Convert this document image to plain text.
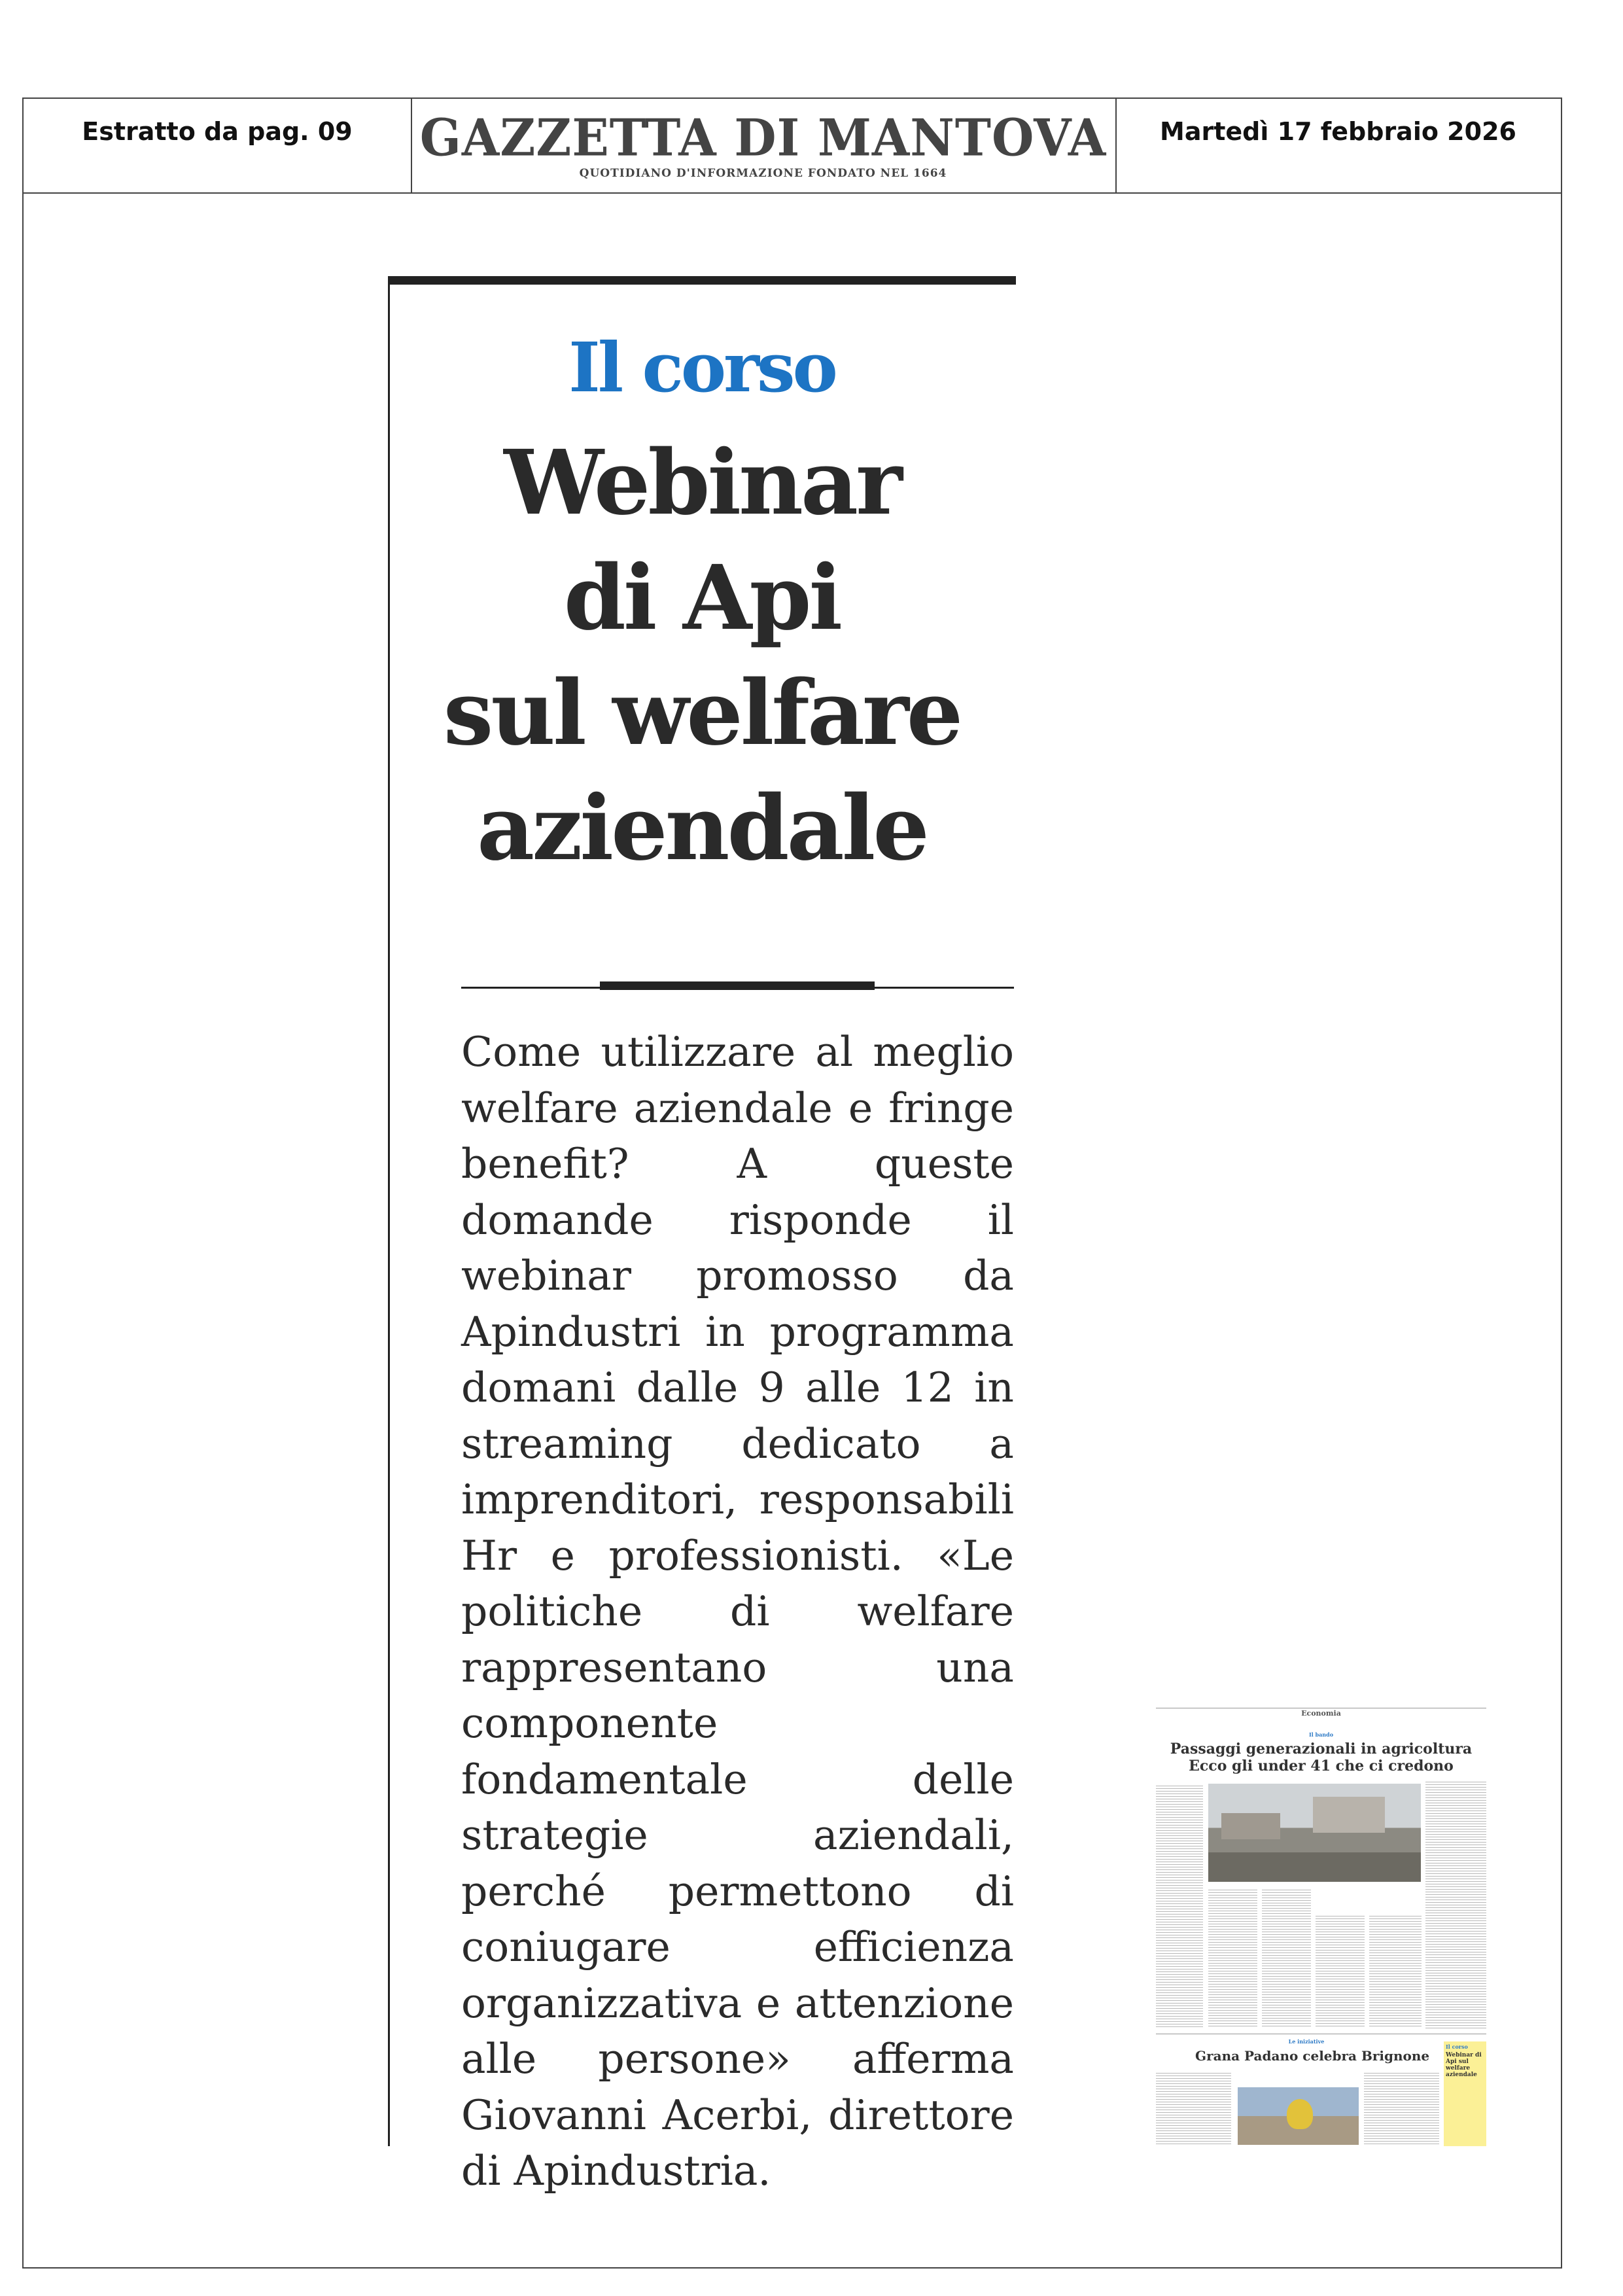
Estratto da pag. 09	GAZZETTA DI MANTOVA
QUOTIDIANO D'INFORMAZIONE FONDATO NEL 1664
Martedì 17 febbraio 2026
Il corso
Webinar
di Api
sul welfare
aziendale
Come utilizzare al meglio welfare aziendale e fringe benefit? A queste domande risponde il webinar promosso da Apindustri in programma domani dalle 9 alle 12 in streaming dedicato a imprenditori, responsabili Hr e professionisti. «Le politiche di welfare rappresentano una componente fondamentale delle strategie aziendali, perché permettono di coniugare efficienza organizzativa e attenzione alle persone» afferma Giovanni Acerbi, direttore di Apindustria.
Economia
Il bando
Passaggi generazionali in agricoltura
Ecco gli under 41 che ci credono
Le iniziative
Grana Padano celebra Brignone
Il corso
Webinar di Api sul welfare aziendale
